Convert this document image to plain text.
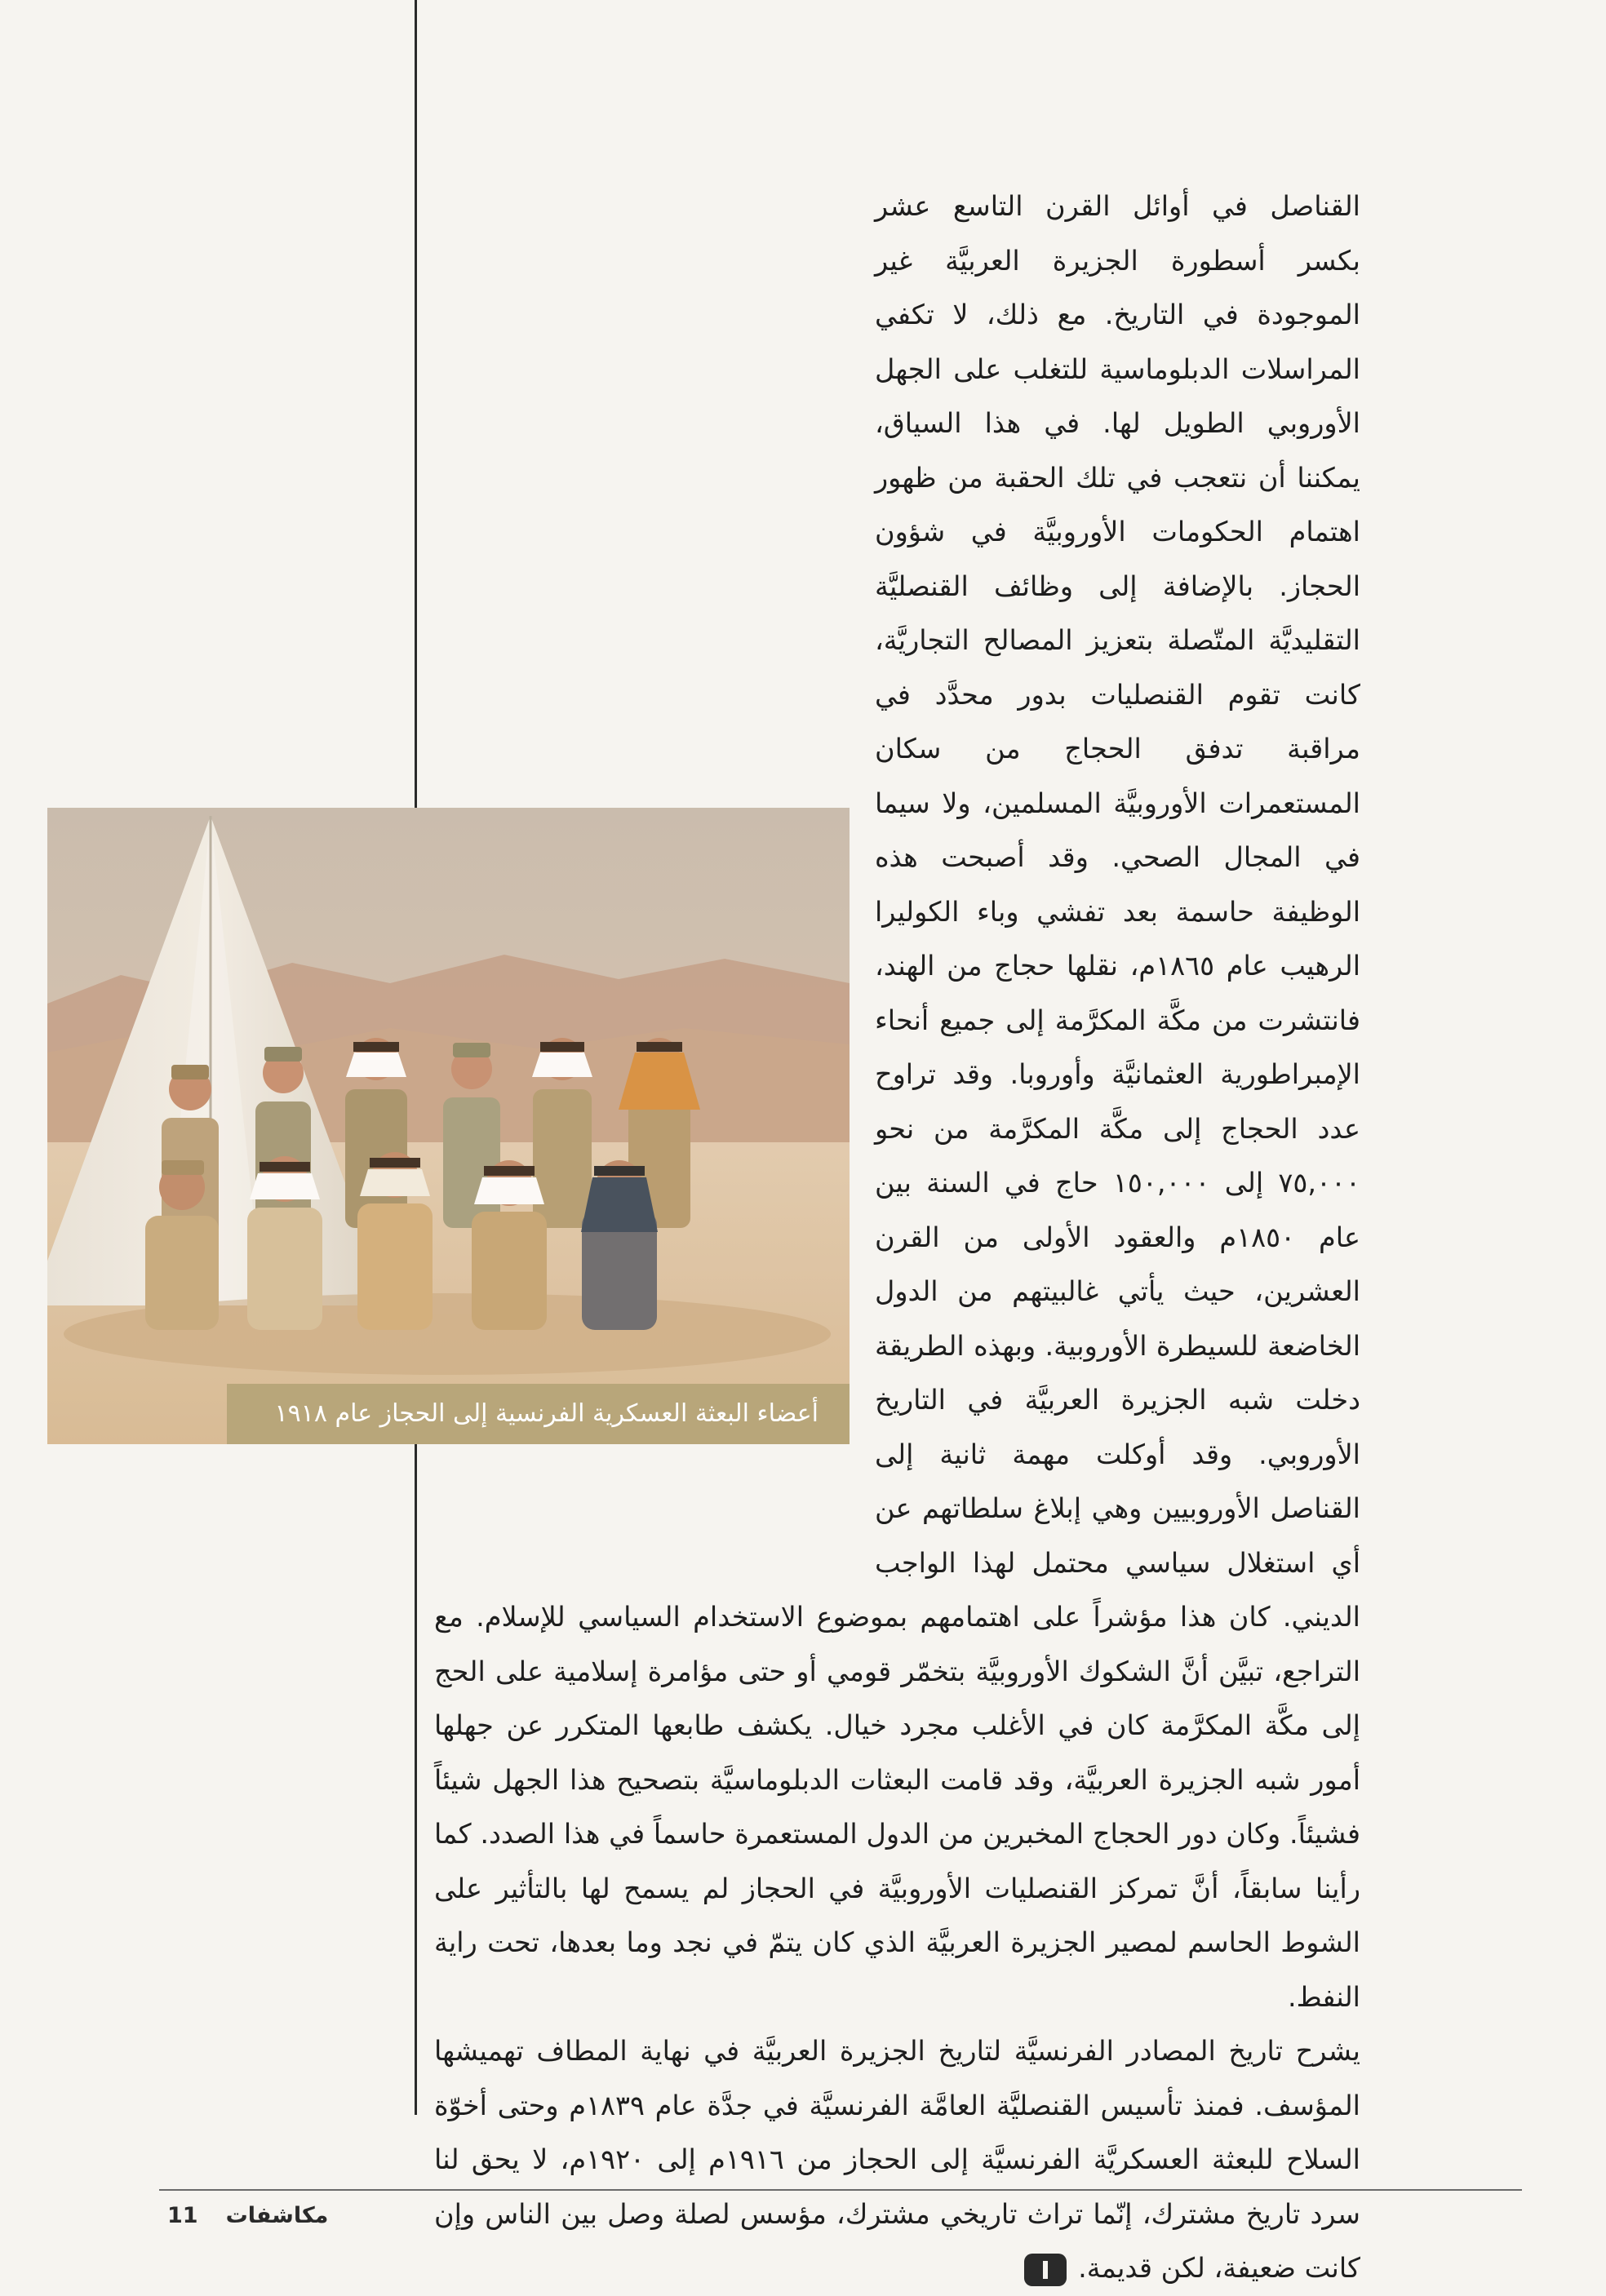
القناصل في أوائل القرن التاسع عشر بكسر أسطورة الجزيرة العربيَّة غير الموجودة في التاريخ. مع ذلك، لا تكفي المراسلات الدبلوماسية للتغلب على الجهل الأوروبي الطويل لها. في هذا السياق، يمكننا أن نتعجب في تلك الحقبة من ظهور اهتمام الحكومات الأوروبيَّة في شؤون الحجاز. بالإضافة إلى وظائف القنصليَّة التقليديَّة المتّصلة بتعزيز المصالح التجاريَّة، كانت تقوم القنصليات بدور محدَّد في مراقبة تدفق الحجاج من سكان المستعمرات الأوروبيَّة المسلمين، ولا سيما في المجال الصحي. وقد أصبحت هذه الوظيفة حاسمة بعد تفشي وباء الكوليرا الرهيب عام ١٨٦٥م، نقلها حجاج من الهند، فانتشرت من مكَّة المكرَّمة إلى جميع أنحاء الإمبراطورية العثمانيَّة وأوروبا. وقد تراوح عدد الحجاج إلى مكَّة المكرَّمة من نحو ٧٥,٠٠٠ إلى ١٥٠,٠٠٠ حاج في السنة بين عام ١٨٥٠م والعقود الأولى من القرن العشرين، حيث يأتي غالبيتهم من الدول الخاضعة للسيطرة الأوروبية. وبهذه الطريقة دخلت شبه الجزيرة العربيَّة في التاريخ الأوروبي. وقد أوكلت مهمة ثانية إلى القناصل الأوروبيين وهي إبلاغ سلطاتهم عن أي استغلال سياسي محتمل لهذا الواجب الديني. كان هذا مؤشراً على اهتمامهم بموضوع الاستخدام السياسي للإسلام. مع التراجع، تبيَّن أنَّ الشكوك الأوروبيَّة بتخمّر قومي أو حتى مؤامرة إسلامية على الحج إلى مكَّة المكرَّمة كان في الأغلب مجرد خيال. يكشف طابعها المتكرر عن جهلها أمور شبه الجزيرة العربيَّة، وقد قامت البعثات الدبلوماسيَّة بتصحيح هذا الجهل شيئاً فشيئاً. وكان دور الحجاج المخبرين من الدول المستعمرة حاسماً في هذا الصدد. كما رأينا سابقاً، أنَّ تمركز القنصليات الأوروبيَّة في الحجاز لم يسمح لها بالتأثير على الشوط الحاسم لمصير الجزيرة العربيَّة الذي كان يتمّ في نجد وما بعدها، تحت راية النفط.

يشرح تاريخ المصادر الفرنسيَّة لتاريخ الجزيرة العربيَّة في نهاية المطاف تهميشها المؤسف. فمنذ تأسيس القنصليَّة العامَّة الفرنسيَّة في جدَّة عام ١٨٣٩م وحتى أخوّة السلاح للبعثة العسكريَّة الفرنسيَّة إلى الحجاز من ١٩١٦م إلى ١٩٢٠م، لا يحق لنا سرد تاريخ مشترك، إنّما تراث تاريخي مشترك، مؤسس لصلة وصل بين الناس وإن كانت ضعيفة، لكن قديمة.

أعضاء البعثة العسكرية الفرنسية إلى الحجاز عام ١٩١٨
11 مكاشفات
